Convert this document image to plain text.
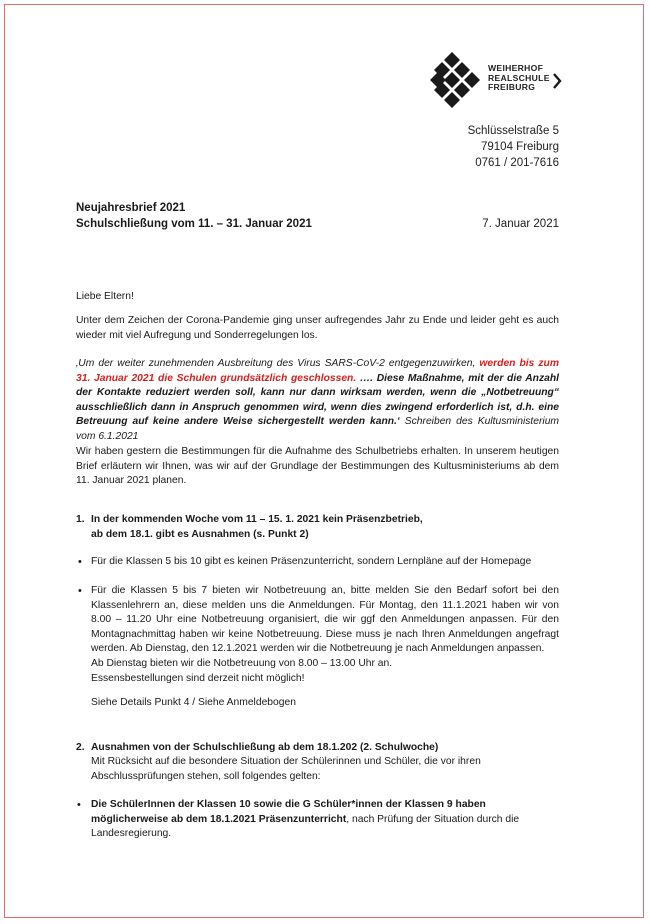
WEIHERHOF
REALSCHULE
FREIBURG
Schlüsselstraße 5
79104 Freiburg
0761 / 201-7616
Neujahresbrief 2021
Schulschließung vom 11. – 31. Januar 2021	7. Januar 2021
Liebe Eltern!
Unter dem Zeichen der Corona-Pandemie ging unser aufregendes Jahr zu Ende und leider geht es auch wieder mit viel Aufregung und Sonderregelungen los.
‚Um der weiter zunehmenden Ausbreitung des Virus SARS-CoV-2 entgegenzuwirken, werden bis zum 31. Januar 2021 die Schulen grundsätzlich geschlossen. …. Diese Maßnahme, mit der die Anzahl der Kontakte reduziert werden soll, kann nur dann wirksam werden, wenn die „Notbetreuung“ ausschließlich dann in Anspruch genommen wird, wenn dies zwingend erforderlich ist, d.h. eine Betreuung auf keine andere Weise sichergestellt werden kann.‘ Schreiben des Kultusministerium vom 6.1.2021
Wir haben gestern die Bestimmungen für die Aufnahme des Schulbetriebs erhalten. In unserem heutigen Brief erläutern wir Ihnen, was wir auf der Grundlage der Bestimmungen des Kultusministeriums ab dem 11. Januar 2021 planen.
1. In der kommenden Woche vom 11 – 15. 1. 2021 kein Präsenzbetrieb,
ab dem 18.1. gibt es Ausnahmen (s. Punkt 2)
• Für die Klassen 5 bis 10 gibt es keinen Präsenzunterricht, sondern Lernpläne auf der Homepage
• Für die Klassen 5 bis 7 bieten wir Notbetreuung an, bitte melden Sie den Bedarf sofort bei den Klassenlehrern an, diese melden uns die Anmeldungen. Für Montag, den 11.1.2021 haben wir von 8.00 – 11.20 Uhr eine Notbetreuung organisiert, die wir ggf den Anmeldungen anpassen. Für den Montagnachmittag haben wir keine Notbetreuung. Diese muss je nach Ihren Anmeldungen angefragt werden. Ab Dienstag, den 12.1.2021 werden wir die Notbetreuung je nach Anmeldungen anpassen.
Ab Dienstag bieten wir die Notbetreuung von 8.00 – 13.00 Uhr an.
Essensbestellungen sind derzeit nicht möglich!
Siehe Details Punkt 4 / Siehe Anmeldebogen
2. Ausnahmen von der Schulschließung ab dem 18.1.202 (2. Schulwoche)
Mit Rücksicht auf die besondere Situation der Schülerinnen und Schüler, die vor ihren Abschlussprüfungen stehen, soll folgendes gelten:
• Die SchülerInnen der Klassen 10 sowie die G Schüler*innen der Klassen 9 haben möglicherweise ab dem 18.1.2021 Präsenzunterricht, nach Prüfung der Situation durch die Landesregierung.
